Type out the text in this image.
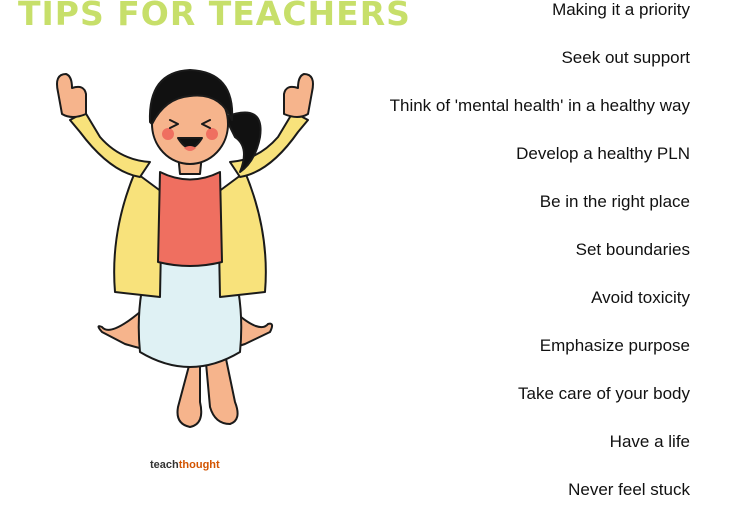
TIPS FOR TEACHERS
teachthought
Making it a priority
Seek out support
Think of 'mental health' in a healthy way
Develop a healthy PLN
Be in the right place
Set boundaries
Avoid toxicity
Emphasize purpose
Take care of your body
Have a life
Never feel stuck
